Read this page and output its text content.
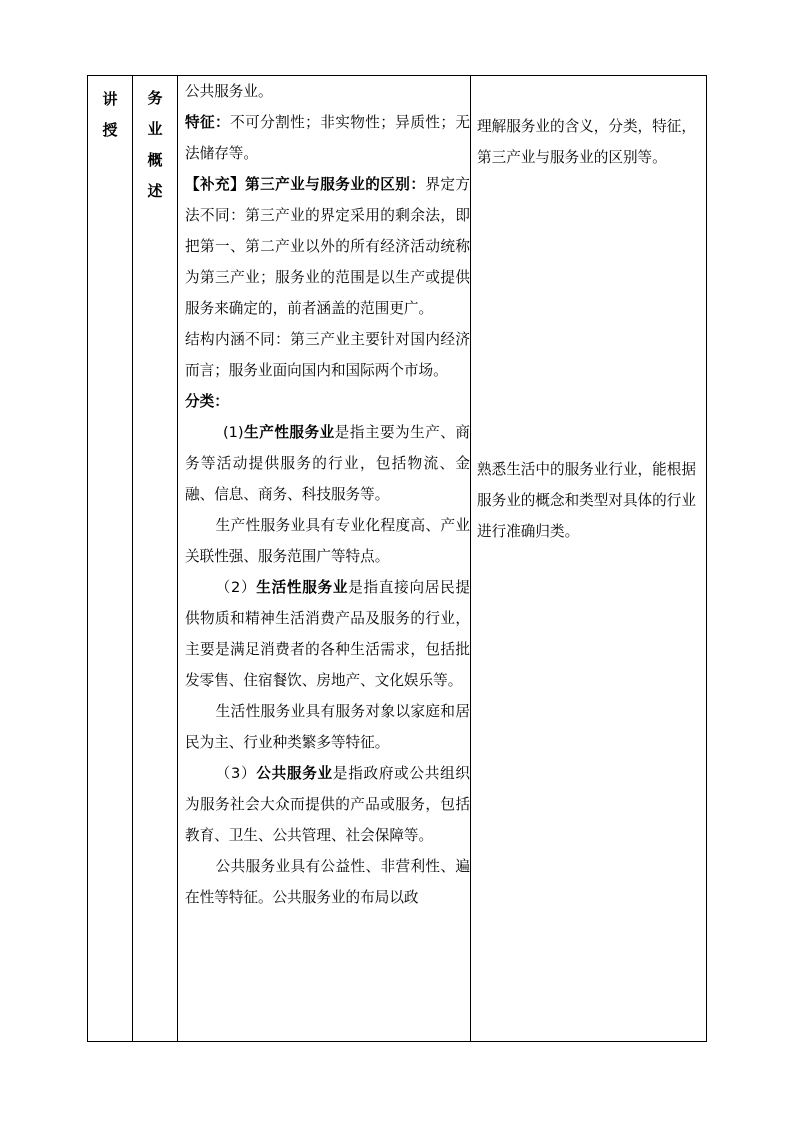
讲
授
务
业
概
述

公共服务业。

特征：不可分割性；非实物性；异质性；无法储存等。

【补充】第三产业与服务业的区别：界定方法不同：第三产业的界定采用的剩余法，即把第一、第二产业以外的所有经济活动统称为第三产业；服务业的范围是以生产或提供服务来确定的，前者涵盖的范围更广。

结构内涵不同：第三产业主要针对国内经济而言；服务业面向国内和国际两个市场。

分类：

(1)生产性服务业是指主要为生产、商务等活动提供服务的行业，包括物流、金融、信息、商务、科技服务等。

生产性服务业具有专业化程度高、产业关联性强、服务范围广等特点。

（2）生活性服务业是指直接向居民提供物质和精神生活消费产品及服务的行业，主要是满足消费者的各种生活需求，包括批发零售、住宿餐饮、房地产、文化娱乐等。

生活性服务业具有服务对象以家庭和居民为主、行业种类繁多等特征。

（3）公共服务业是指政府或公共组织为服务社会大众而提供的产品或服务，包括教育、卫生、公共管理、社会保障等。

公共服务业具有公益性、非营利性、遍在性等特征。公共服务业的布局以政

理解服务业的含义，分类，特征，第三产业与服务业的区别等。

熟悉生活中的服务业行业，能根据服务业的概念和类型对具体的行业进行准确归类。
